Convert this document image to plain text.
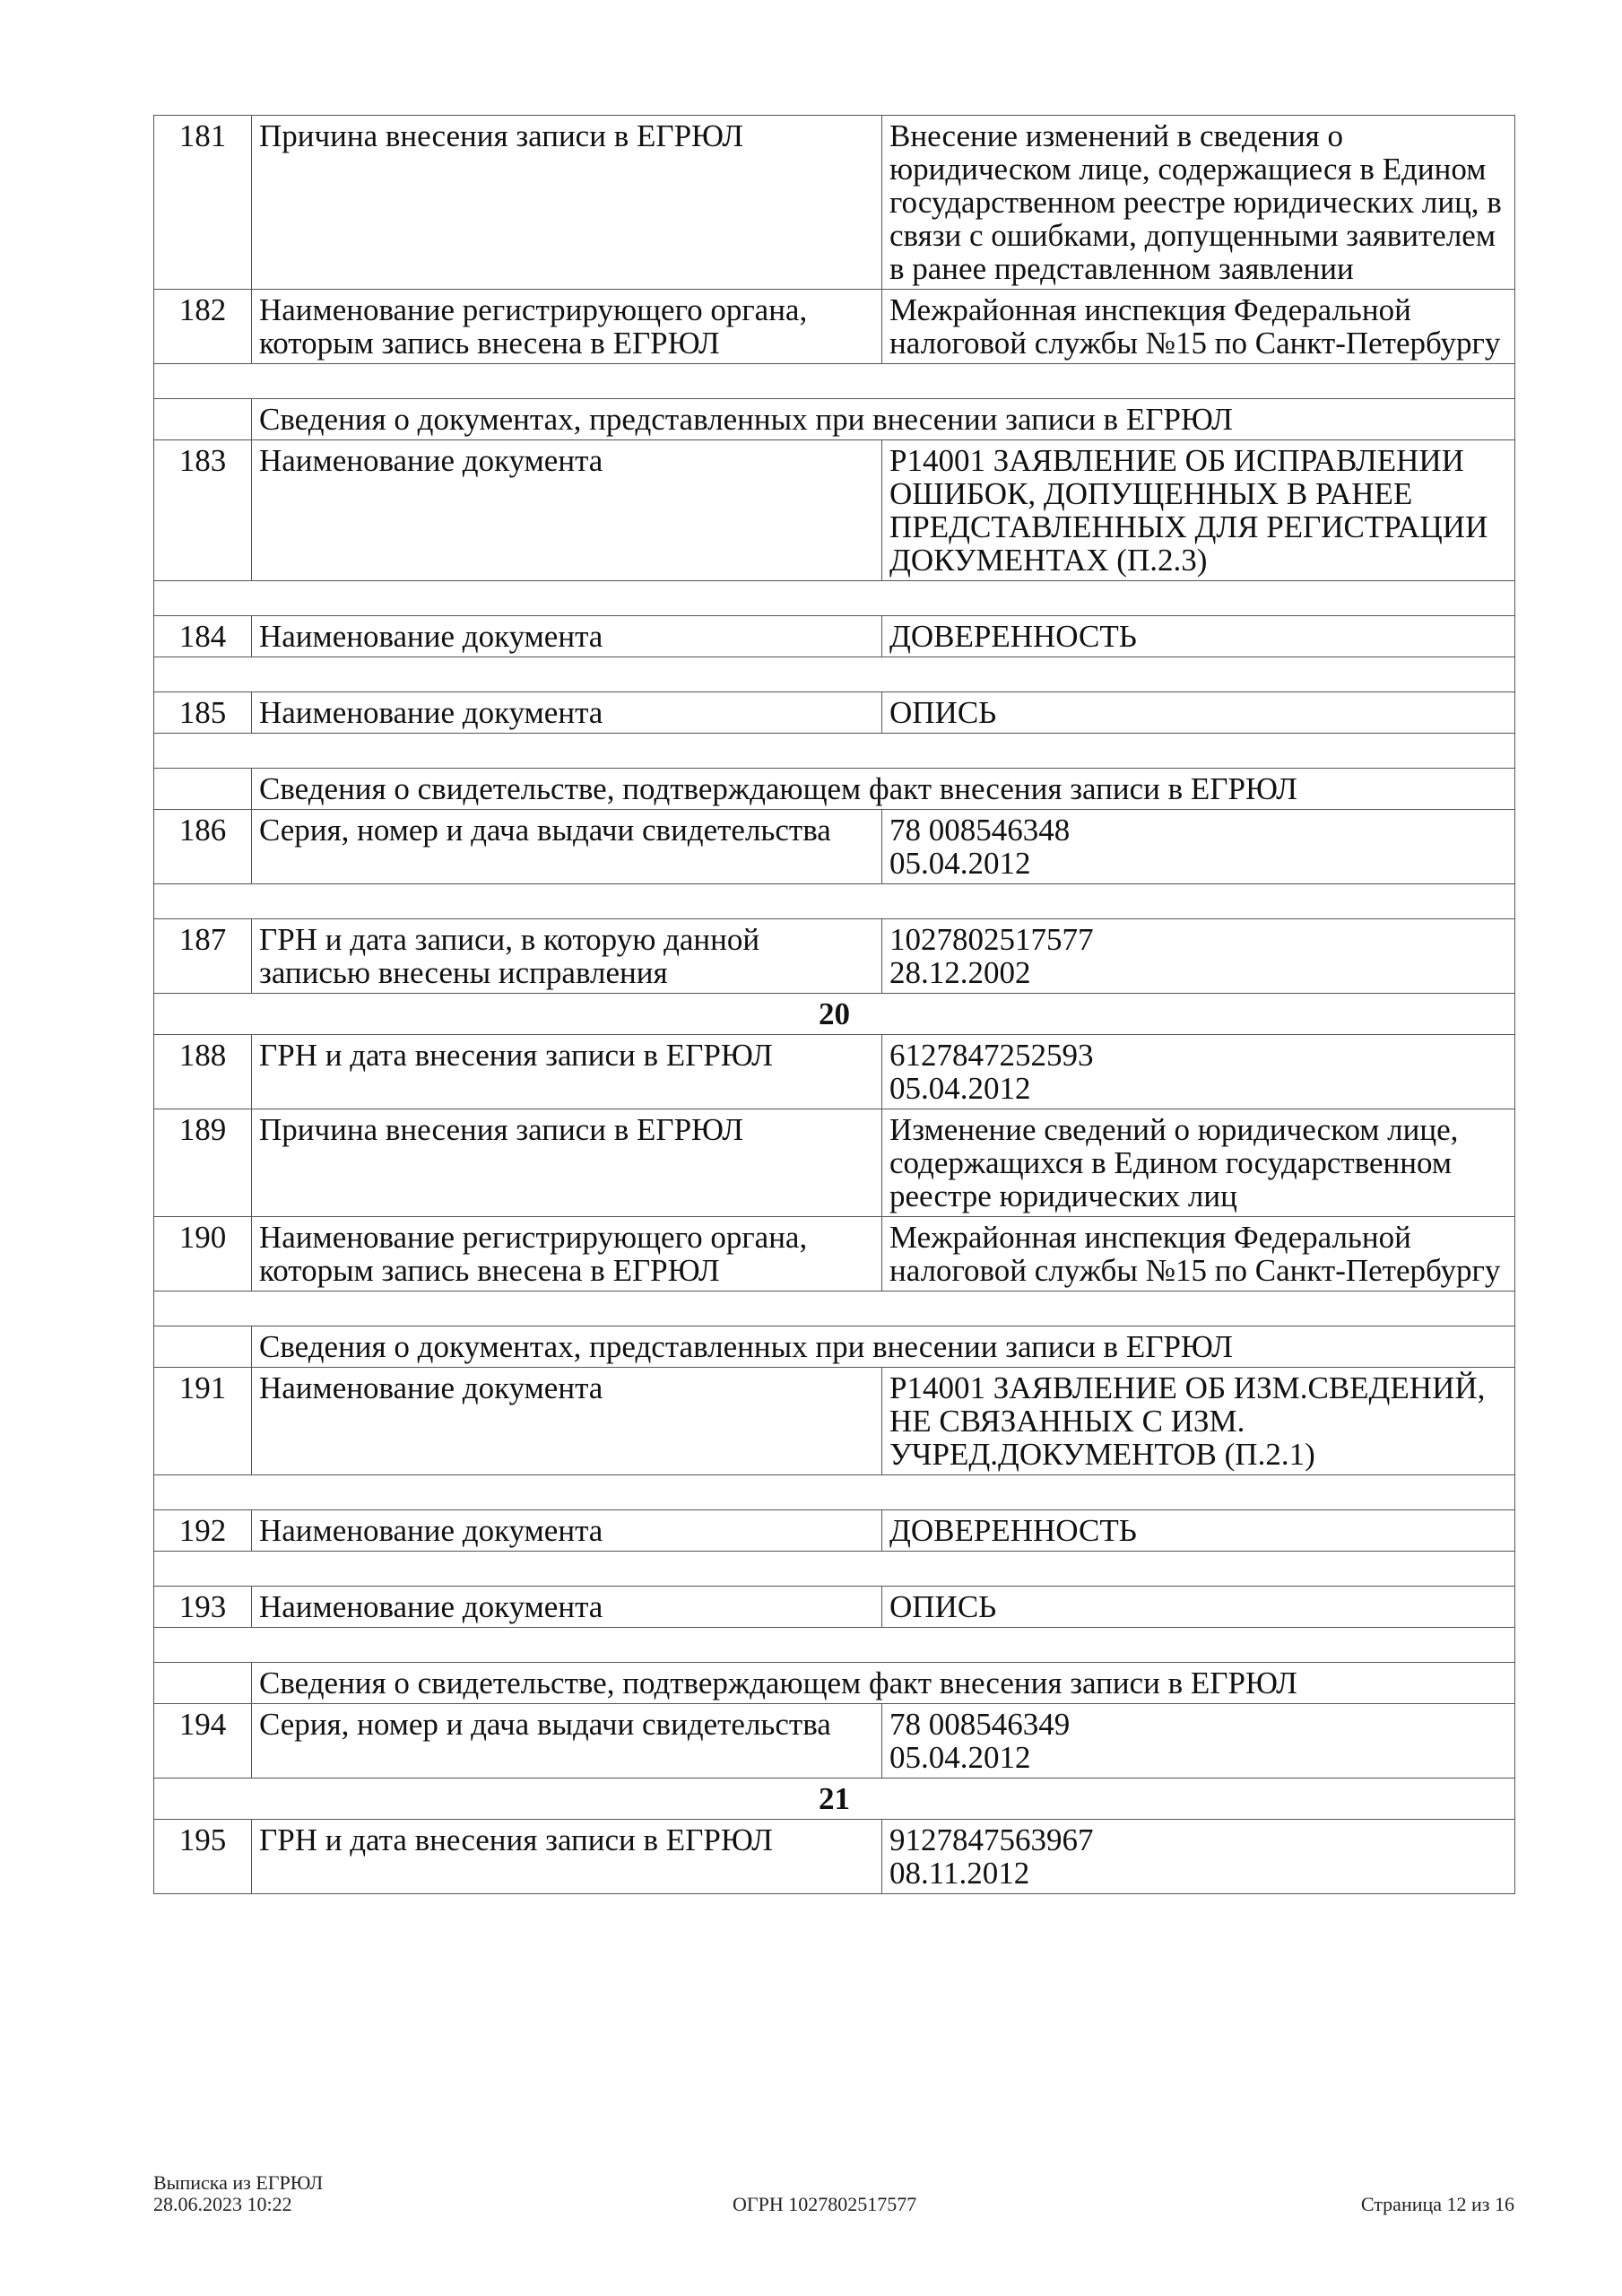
181	Причина внесения записи в ЕГРЮЛ	Внесение изменений в сведения о юридическом лице, содержащиеся в Едином государственном реестре юридических лиц, в связи с ошибками, допущенными заявителем в ранее представленном заявлении

182	Наименование регистрирующего органа, которым запись внесена в ЕГРЮЛ	Межрайонная инспекция Федеральной налоговой службы №15 по Санкт-Петербургу

	Сведения о документах, представленных при внесении записи в ЕГРЮЛ	
183	Наименование документа	Р14001 ЗАЯВЛЕНИЕ ОБ ИСПРАВЛЕНИИ ОШИБОК, ДОПУЩЕННЫХ В РАНЕЕ ПРЕДСТАВЛЕННЫХ ДЛЯ РЕГИСТРАЦИИ ДОКУМЕНТАХ (П.2.3)

184	Наименование документа	ДОВЕРЕННОСТЬ

185	Наименование документа	ОПИСЬ

	Сведения о свидетельстве, подтверждающем факт внесения записи в ЕГРЮЛ	
186	Серия, номер и дача выдачи свидетельства	78 008546348
05.04.2012

187	ГРН и дата записи, в которую данной записью внесены исправления	1027802517577
28.12.2002

20		
188	ГРН и дата внесения записи в ЕГРЮЛ	6127847252593
05.04.2012

189	Причина внесения записи в ЕГРЮЛ	Изменение сведений о юридическом лице, содержащихся в Едином государственном реестре юридических лиц

190	Наименование регистрирующего органа, которым запись внесена в ЕГРЮЛ	Межрайонная инспекция Федеральной налоговой службы №15 по Санкт-Петербургу

	Сведения о документах, представленных при внесении записи в ЕГРЮЛ	
191	Наименование документа	Р14001 ЗАЯВЛЕНИЕ ОБ ИЗМ.СВЕДЕНИЙ, НЕ СВЯЗАННЫХ С ИЗМ. УЧРЕД.ДОКУМЕНТОВ (П.2.1)

192	Наименование документа	ДОВЕРЕННОСТЬ

193	Наименование документа	ОПИСЬ

	Сведения о свидетельстве, подтверждающем факт внесения записи в ЕГРЮЛ	
194	Серия, номер и дача выдачи свидетельства	78 008546349
05.04.2012

21		
195	ГРН и дата внесения записи в ЕГРЮЛ	9127847563967
08.11.2012
Выписка из ЕГРЮЛ
28.06.2023 10:22	ОГРН 1027802517577	Страница 12 из 16
